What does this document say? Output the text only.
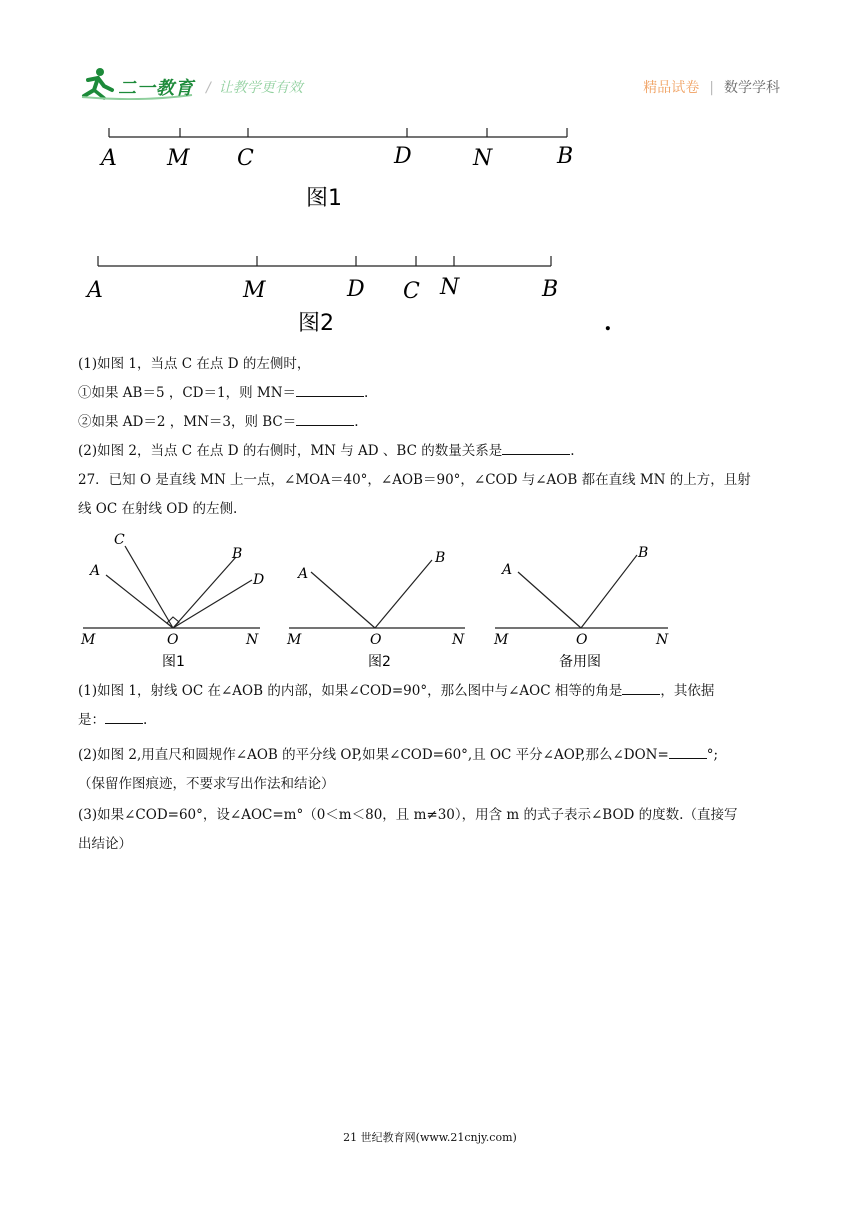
二一教育 / 让教学更有效	精品试卷 | 数学学科
A M C	D	N	B
图1
A	M	D C N	B
图2	.
(1)如图 1，当点 C 在点 D 的左侧时，
①如果 AB＝5 ，CD＝1，则 MN＝	.
②如果 AD＝2 ，MN＝3，则 BC＝	.
(2)如图 2，当点 C 在点 D 的右侧时，MN 与 AD 、BC 的数量关系是	.
27．已知 O 是直线 MN 上一点，∠MOA＝40°，∠AOB＝90°，∠COD 与∠AOB 都在直线 MN 的上方，且射
线 OC 在射线 OD 的左侧.
C
A
B
D
M	O	N
图1
A
B
M	O	N
图2
A
B
M	O	N
备用图
(1)如图 1，射线 OC 在∠AOB 的内部，如果∠COD=90°，那么图中与∠AOC 相等的角是	，其依据
是：	.
(2)如图 2,用直尺和圆规作∠AOB 的平分线 OP,如果∠COD=60°,且 OC 平分∠AOP,那么∠DON=	°;
（保留作图痕迹，不要求写出作法和结论）
(3)如果∠COD=60°，设∠AOC=m°（0＜m＜80，且 m≠30），用含 m 的式子表示∠BOD 的度数.（直接写
出结论）
21 世纪教育网(www.21cnjy.com)
